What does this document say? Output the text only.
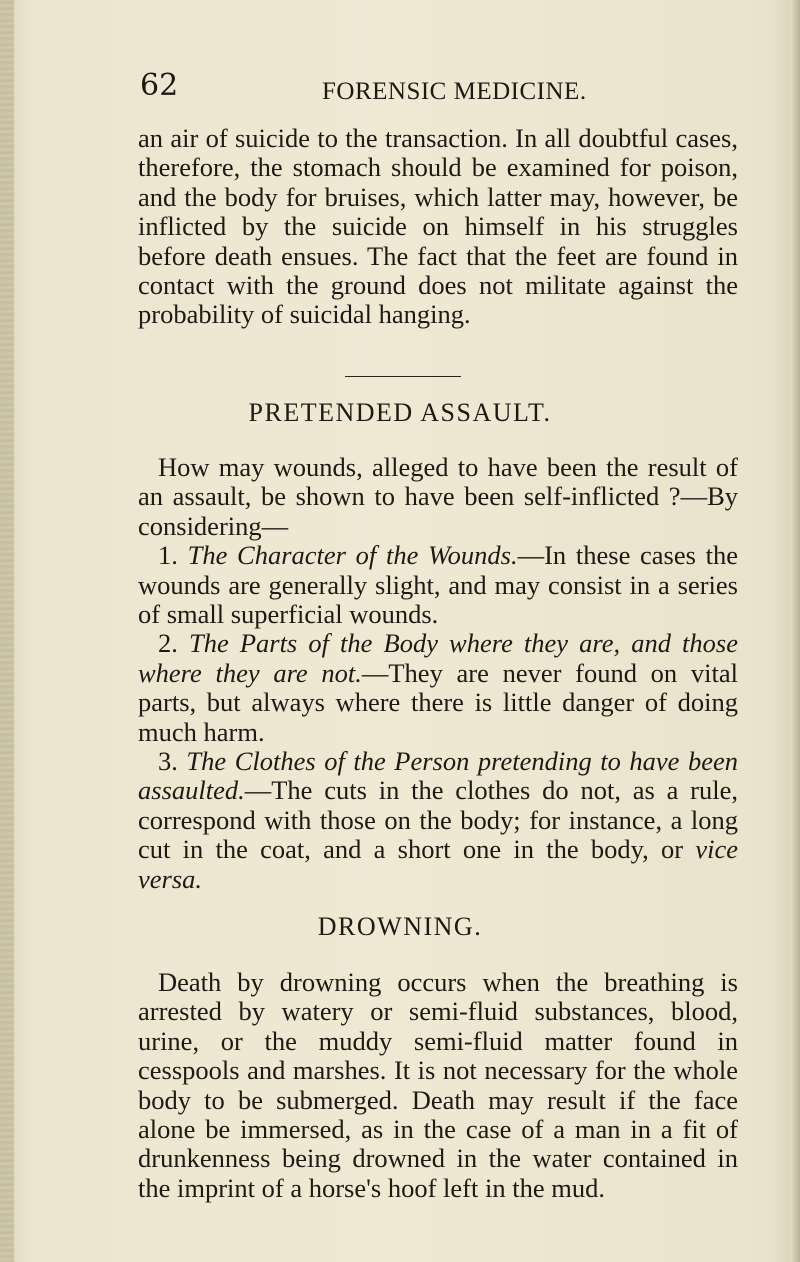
62	FORENSIC MEDICINE.

an air of suicide to the transaction. In all doubtful cases, therefore, the stomach should be examined for poison, and the body for bruises, which latter may, however, be inflicted by the suicide on himself in his struggles before death ensues. The fact that the feet are found in contact with the ground does not militate against the probability of suicidal hanging.

PRETENDED ASSAULT.

How may wounds, alleged to have been the result of an assault, be shown to have been self-inflicted ?—By considering—

1. The Character of the Wounds.—In these cases the wounds are generally slight, and may consist in a series of small superficial wounds.

2. The Parts of the Body where they are, and those where they are not.—They are never found on vital parts, but always where there is little danger of doing much harm.

3. The Clothes of the Person pretending to have been assaulted.—The cuts in the clothes do not, as a rule, correspond with those on the body; for instance, a long cut in the coat, and a short one in the body, or vice versa.

DROWNING.

Death by drowning occurs when the breathing is arrested by watery or semi-fluid substances, blood, urine, or the muddy semi-fluid matter found in cesspools and marshes. It is not necessary for the whole body to be submerged. Death may result if the face alone be immersed, as in the case of a man in a fit of drunkenness being drowned in the water contained in the imprint of a horse's hoof left in the mud.
